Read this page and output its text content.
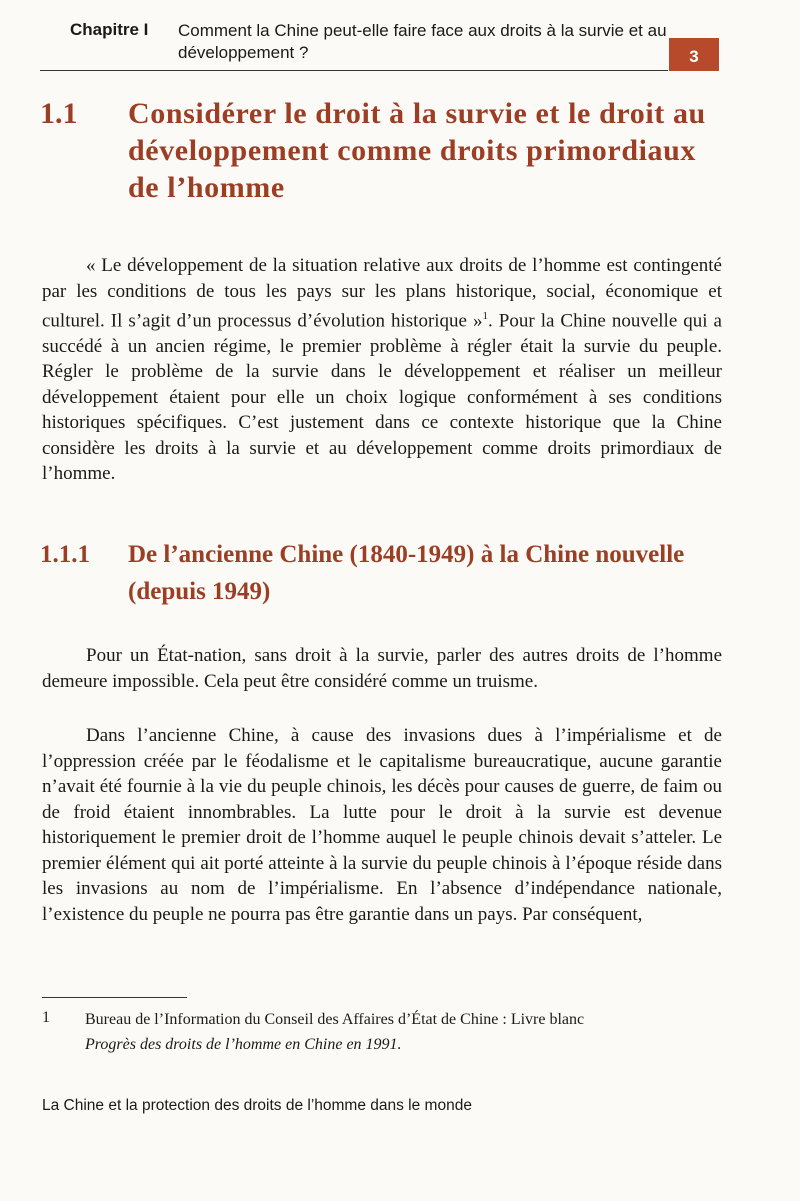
Chapitre I Comment la Chine peut-elle faire face aux droits à la survie et au développement ?	3
1.1 Considérer le droit à la survie et le droit au développement comme droits primordiaux de l’homme

« Le développement de la situation relative aux droits de l’homme est contingenté par les conditions de tous les pays sur les plans historique, social, économique et culturel. Il s’agit d’un processus d’évolution historique »$^1$. Pour la Chine nouvelle qui a succédé à un ancien régime, le premier problème à régler était la survie du peuple. Régler le problème de la survie dans le développement et réaliser un meilleur développement étaient pour elle un choix logique conformément à ses conditions historiques spécifiques. C’est justement dans ce contexte historique que la Chine considère les droits à la survie et au développement comme droits primordiaux de l’homme.

1.1.1 De l’ancienne Chine (1840-1949) à la Chine nouvelle (depuis 1949)

Pour un État-nation, sans droit à la survie, parler des autres droits de l’homme demeure impossible. Cela peut être considéré comme un truisme.

Dans l’ancienne Chine, à cause des invasions dues à l’impérialisme et de l’oppression créée par le féodalisme et le capitalisme bureaucratique, aucune garantie n’avait été fournie à la vie du peuple chinois, les décès pour causes de guerre, de faim ou de froid étaient innombrables. La lutte pour le droit à la survie est devenue historiquement le premier droit de l’homme auquel le peuple chinois devait s’atteler. Le premier élément qui ait porté atteinte à la survie du peuple chinois à l’époque réside dans les invasions au nom de l’impérialisme. En l’absence d’indépendance nationale, l’existence du peuple ne pourra pas être garantie dans un pays. Par conséquent,

1 Bureau de l’Information du Conseil des Affaires d’État de Chine : Livre blanc
Progrès des droits de l’homme en Chine en 1991.
La Chine et la protection des droits de l’homme dans le monde
